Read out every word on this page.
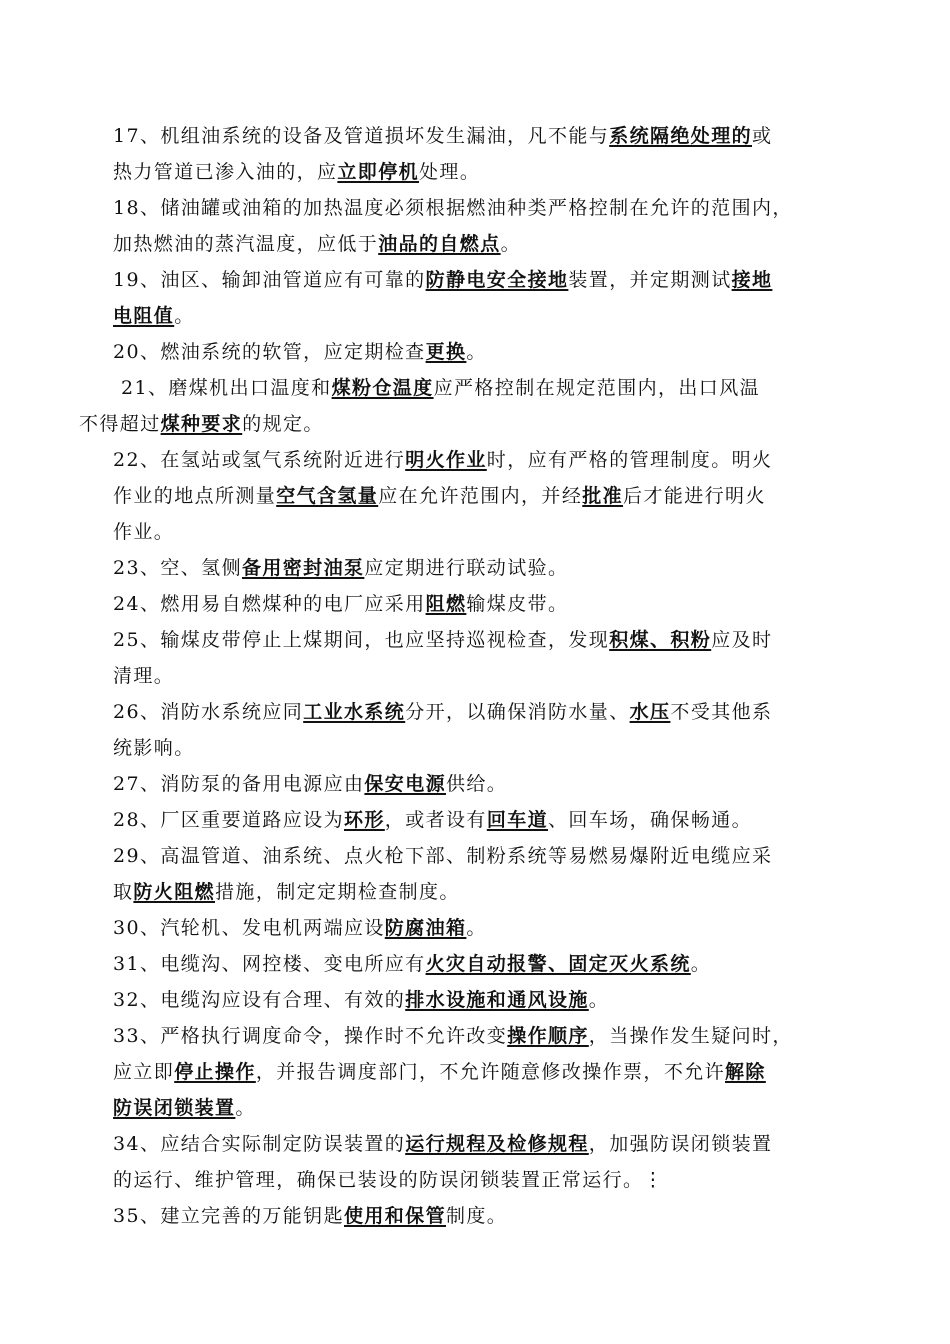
17、机组油系统的设备及管道损坏发生漏油，凡不能与系统隔绝处理的或
热力管道已渗入油的，应立即停机处理。

18、储油罐或油箱的加热温度必须根据燃油种类严格控制在允许的范围内，
加热燃油的蒸汽温度，应低于油品的自燃点。

19、油区、输卸油管道应有可靠的防静电安全接地装置，并定期测试接地
电阻值。

20、燃油系统的软管，应定期检查更换。

21、磨煤机出口温度和煤粉仓温度应严格控制在规定范围内，出口风温
不得超过煤种要求的规定。

22、在氢站或氢气系统附近进行明火作业时，应有严格的管理制度。明火
作业的地点所测量空气含氢量应在允许范围内，并经批准后才能进行明火
作业。

23、空、氢侧备用密封油泵应定期进行联动试验。

24、燃用易自燃煤种的电厂应采用阻燃输煤皮带。

25、输煤皮带停止上煤期间，也应坚持巡视检查，发现积煤、积粉应及时
清理。

26、消防水系统应同工业水系统分开，以确保消防水量、水压不受其他系
统影响。

27、消防泵的备用电源应由保安电源供给。

28、厂区重要道路应设为环形，或者设有回车道、回车场，确保畅通。

29、高温管道、油系统、点火枪下部、制粉系统等易燃易爆附近电缆应采
取防火阻燃措施，制定定期检查制度。

30、汽轮机、发电机两端应设防腐油箱。

31、电缆沟、网控楼、变电所应有火灾自动报警、固定灭火系统。

32、电缆沟应设有合理、有效的排水设施和通风设施。

33、严格执行调度命令，操作时不允许改变操作顺序，当操作发生疑问时，
应立即停止操作，并报告调度部门，不允许随意修改操作票，不允许解除
防误闭锁装置。

34、应结合实际制定防误装置的运行规程及检修规程，加强防误闭锁装置
的运行、维护管理，确保已装设的防误闭锁装置正常运行。⋮

35、建立完善的万能钥匙使用和保管制度。
